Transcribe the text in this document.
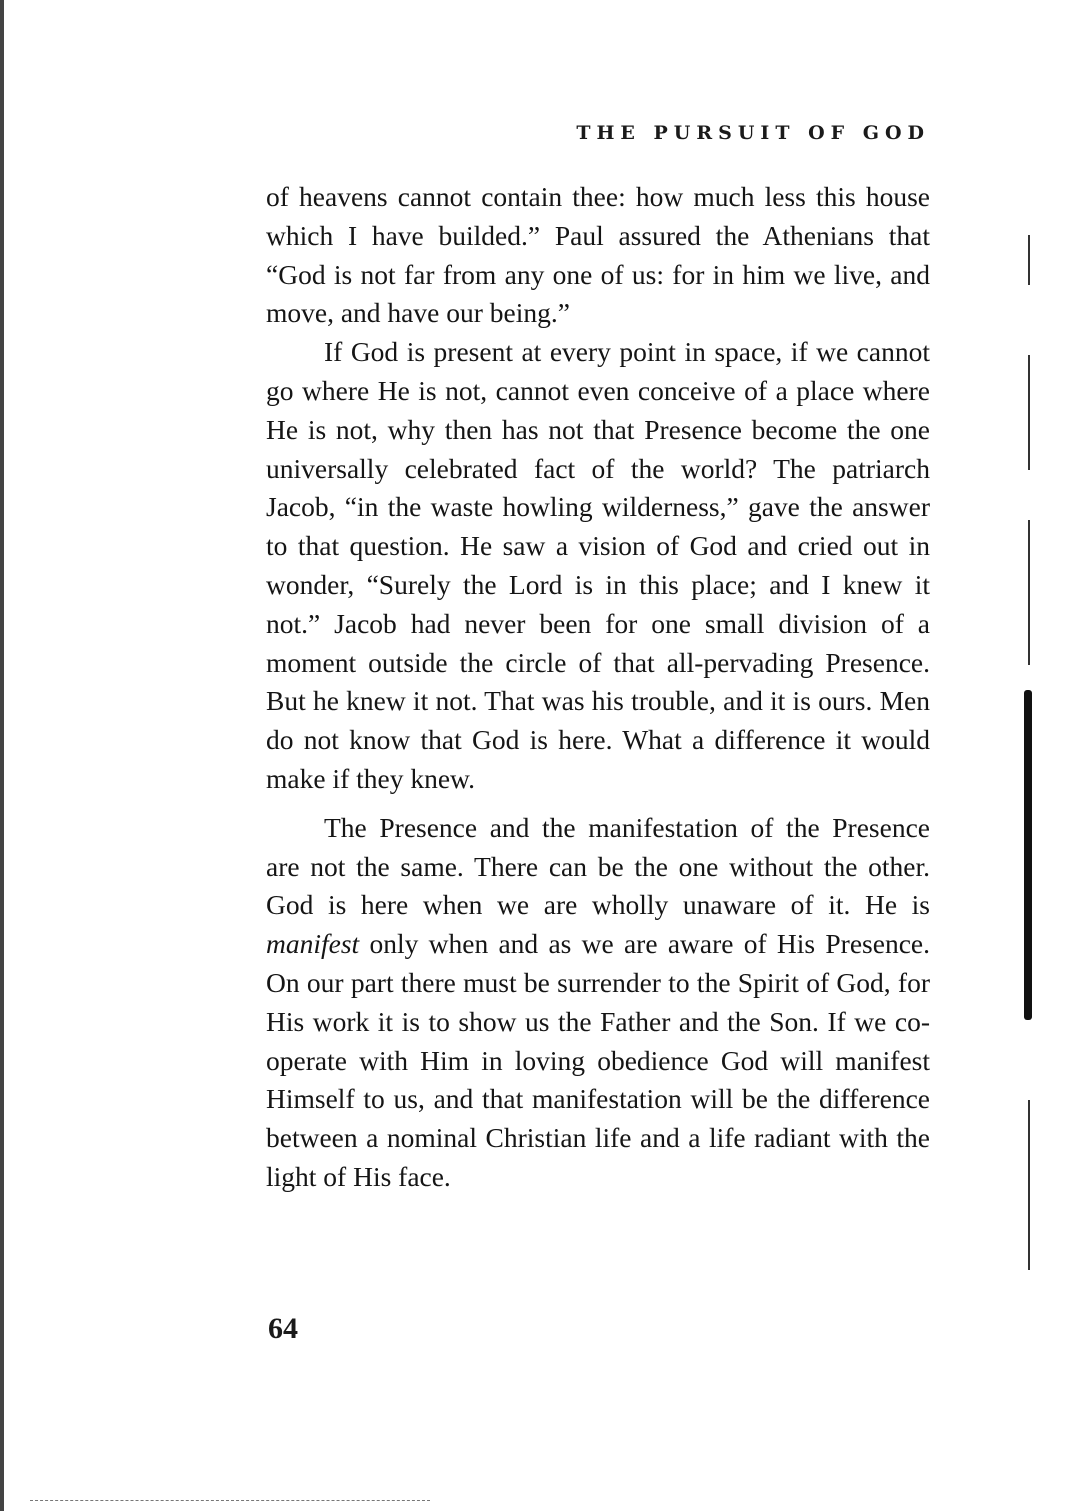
THE PURSUIT OF GOD

of heavens cannot contain thee: how much less this house which I have builded.” Paul assured the Athenians that “God is not far from any one of us: for in him we live, and move, and have our being.”

If God is present at every point in space, if we cannot go where He is not, cannot even conceive of a place where He is not, why then has not that Presence become the one universally celebrated fact of the world? The patriarch Jacob, “in the waste howling wilderness,” gave the answer to that question. He saw a vision of God and cried out in wonder, “Surely the Lord is in this place; and I knew it not.” Jacob had never been for one small division of a moment outside the circle of that all-pervading Presence. But he knew it not. That was his trouble, and it is ours. Men do not know that God is here. What a difference it would make if they knew.

The Presence and the manifestation of the Presence are not the same. There can be the one without the other. God is here when we are wholly unaware of it. He is manifest only when and as we are aware of His Presence. On our part there must be surrender to the Spirit of God, for His work it is to show us the Father and the Son. If we co-operate with Him in loving obedience God will manifest Himself to us, and that manifestation will be the difference between a nominal Christian life and a life radiant with the light of His face.

64
